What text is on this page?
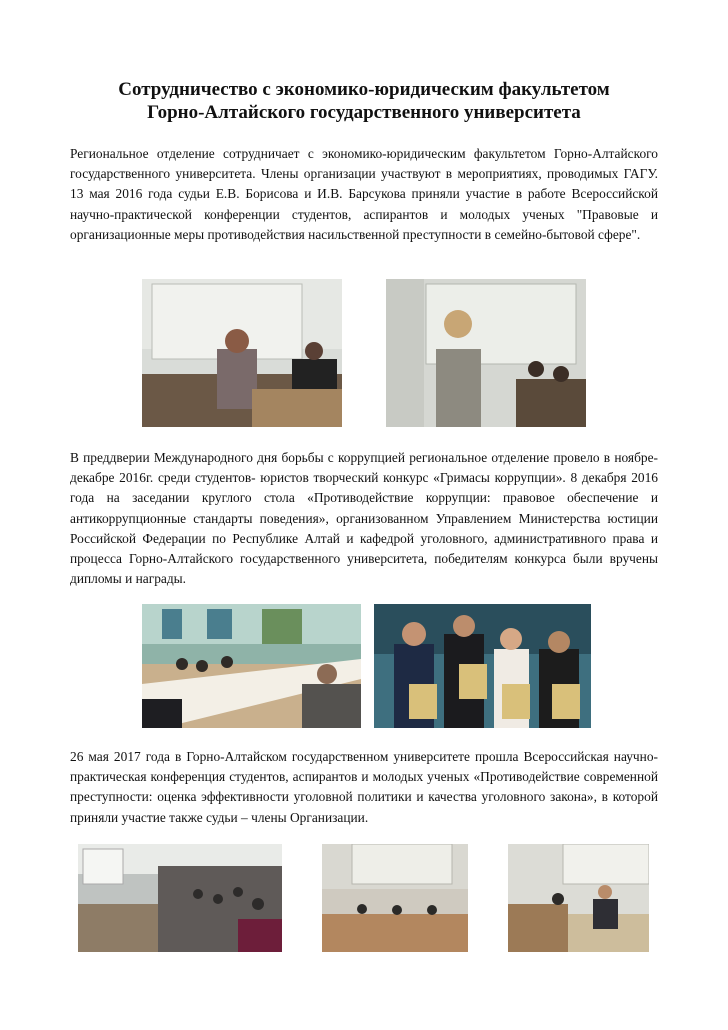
Сотрудничество с экономико-юридическим факультетом
Горно-Алтайского государственного университета
Региональное отделение сотрудничает с экономико-юридическим факультетом Горно-Алтайского государственного университета. Члены организации участвуют в мероприятиях, проводимых ГАГУ. 13 мая 2016 года судьи Е.В. Борисова и И.В. Барсукова приняли участие в работе Всероссийской научно-практической конференции студентов, аспирантов и молодых ученых "Правовые и организационные меры противодействия насильственной преступности в семейно-бытовой сфере".
В преддверии Международного дня борьбы с коррупцией региональное отделение провело в ноябре-декабре 2016г. среди студентов- юристов творческий конкурс «Гримасы коррупции». 8 декабря 2016 года на заседании круглого стола «Противодействие коррупции: правовое обеспечение и антикоррупционные стандарты поведения», организованном Управлением Министерства юстиции Российской Федерации по Республике Алтай и кафедрой уголовного, административного права и процесса Горно-Алтайского государственного университета, победителям конкурса были вручены дипломы и награды.
26 мая 2017 года в Горно-Алтайском государственном университете прошла Всероссийская научно-практическая конференция студентов, аспирантов и молодых ученых «Противодействие современной преступности: оценка эффективности уголовной политики и качества уголовного закона», в которой приняли участие также судьи – члены Организации.
